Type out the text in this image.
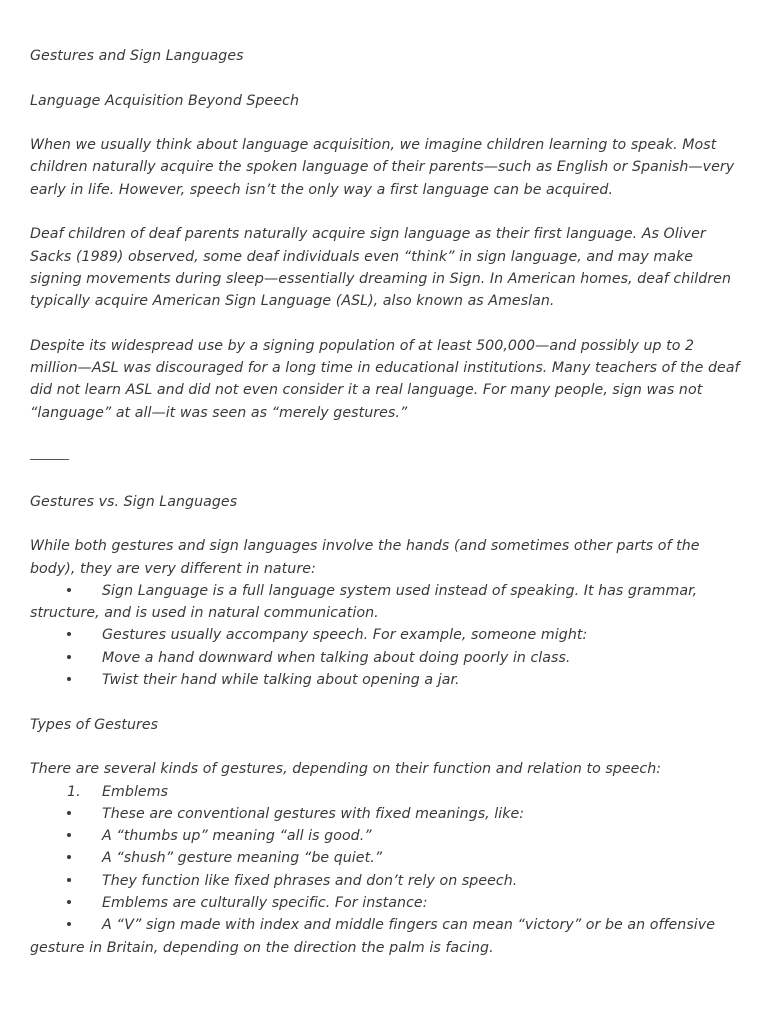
Gestures and Sign Languages

Language Acquisition Beyond Speech

When we usually think about language acquisition, we imagine children learning to speak. Most children naturally acquire the spoken language of their parents—such as English or Spanish—very early in life. However, speech isn’t the only way a first language can be acquired.

Deaf children of deaf parents naturally acquire sign language as their first language. As Oliver Sacks (1989) observed, some deaf individuals even “think” in sign language, and may make signing movements during sleep—essentially dreaming in Sign. In American homes, deaf children typically acquire American Sign Language (ASL), also known as Ameslan.

Despite its widespread use by a signing population of at least 500,000—and possibly up to 2 million—ASL was discouraged for a long time in educational institutions. Many teachers of the deaf did not learn ASL and did not even consider it a real language. For many people, sign was not “language” at all—it was seen as “merely gestures.”

Gestures vs. Sign Languages

While both gestures and sign languages involve the hands (and sometimes other parts of the body), they are very different in nature:

Sign Language is a full language system used instead of speaking. It has grammar, structure, and is used in natural communication.

Gestures usually accompany speech. For example, someone might:

Move a hand downward when talking about doing poorly in class.

Twist their hand while talking about opening a jar.

Types of Gestures

There are several kinds of gestures, depending on their function and relation to speech:

1. Emblems

These are conventional gestures with fixed meanings, like:

A “thumbs up” meaning “all is good.”

A “shush” gesture meaning “be quiet.”

They function like fixed phrases and don’t rely on speech.

Emblems are culturally specific. For instance:

A “V” sign made with index and middle fingers can mean “victory” or be an offensive gesture in Britain, depending on the direction the palm is facing.
